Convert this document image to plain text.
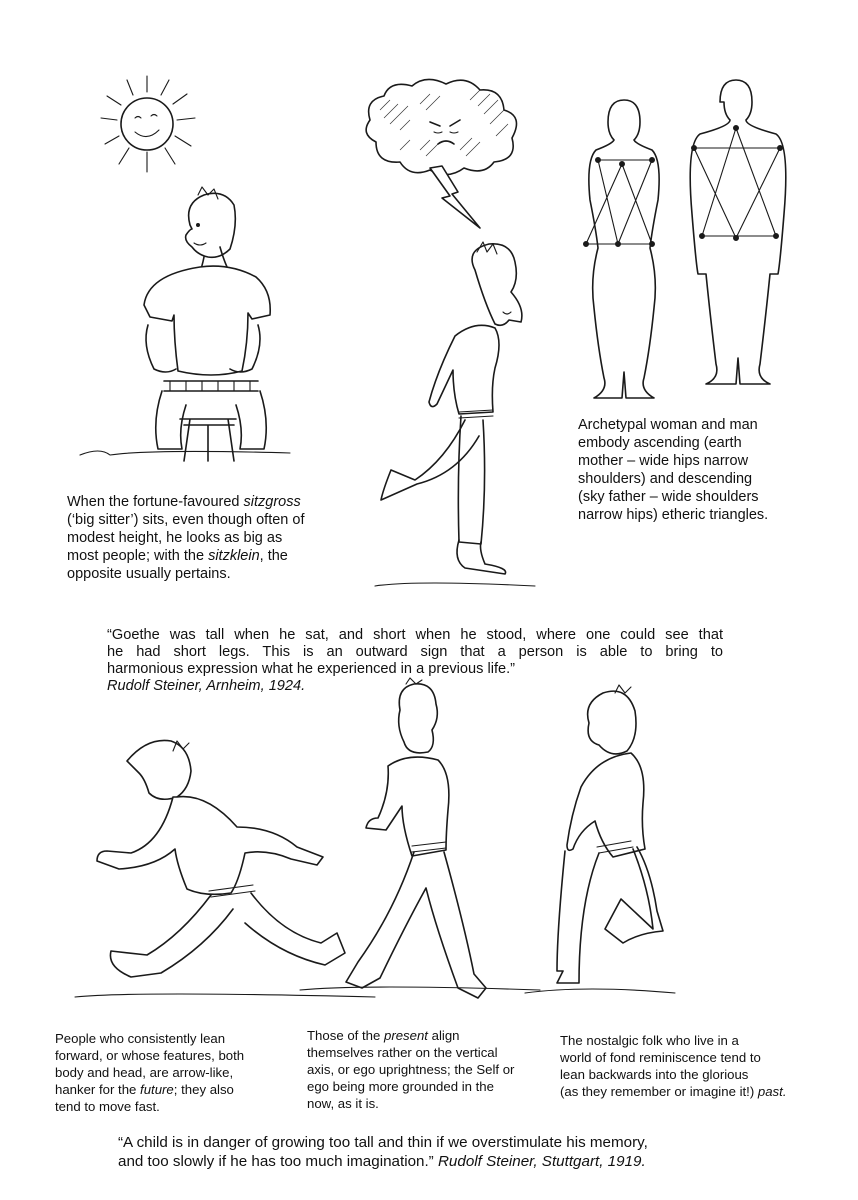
When the fortune-favoured sitzgross
(‘big sitter’) sits, even though often of
modest height, he looks as big as
most people; with the sitzklein, the
opposite usually pertains.
Archetypal woman and man
embody ascending (earth
mother – wide hips narrow
shoulders) and descending
(sky father – wide shoulders
narrow hips) etheric triangles.
“Goethe was tall when he sat, and short when he stood, where one could see that
he had short legs. This is an outward sign that a person is able to bring to
harmonious expression what he experienced in a previous life.”
Rudolf Steiner, Arnheim, 1924.
People who consistently lean
forward, or whose features, both
body and head, are arrow-like,
hanker for the future; they also
tend to move fast.
Those of the present align
themselves rather on the vertical
axis, or ego uprightness; the Self or
ego being more grounded in the
now, as it is.
The nostalgic folk who live in a
world of fond reminiscence tend to
lean backwards into the glorious
(as they remember or imagine it!) past.
“A child is in danger of growing too tall and thin if we overstimulate his memory,
and too slowly if he has too much imagination.” Rudolf Steiner, Stuttgart, 1919.
